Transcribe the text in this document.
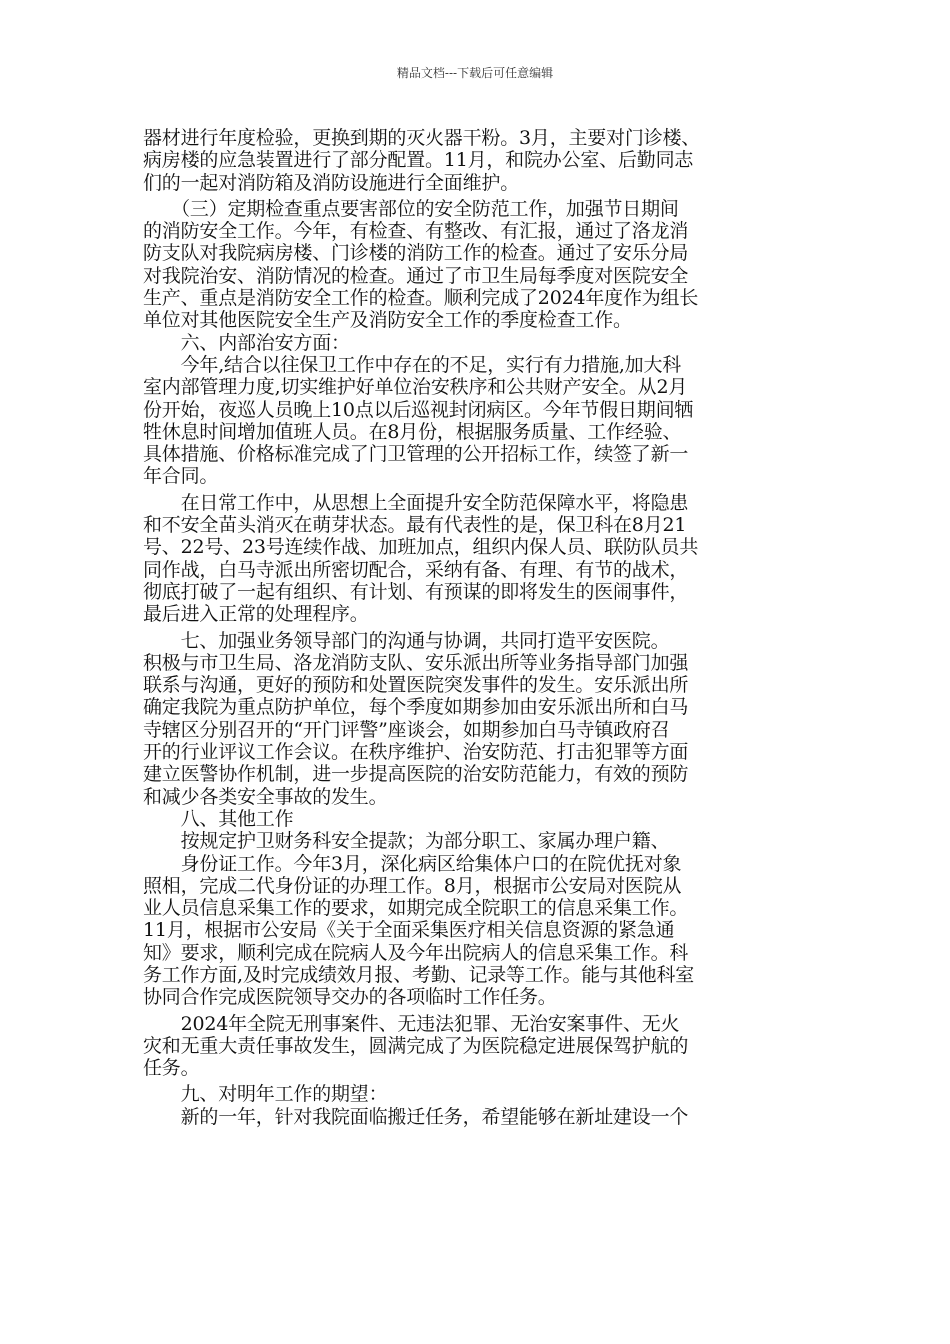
精品文档---下载后可任意编辑
器材进行年度检验，更换到期的灭火器干粉。3月，主要对门诊楼、
病房楼的应急装置进行了部分配置。11月，和院办公室、后勤同志
们的一起对消防箱及消防设施进行全面维护。
　　（三）定期检查重点要害部位的安全防范工作，加强节日期间
的消防安全工作。今年，有检查、有整改、有汇报，通过了洛龙消
防支队对我院病房楼、门诊楼的消防工作的检查。通过了安乐分局
对我院治安、消防情况的检查。通过了市卫生局每季度对医院安全
生产、重点是消防安全工作的检查。顺利完成了2024年度作为组长
单位对其他医院安全生产及消防安全工作的季度检查工作。
　　六、内部治安方面：
　　今年,结合以往保卫工作中存在的不足，实行有力措施,加大科
室内部管理力度,切实维护好单位治安秩序和公共财产安全。从2月
份开始，夜巡人员晚上10点以后巡视封闭病区。今年节假日期间牺
牲休息时间增加值班人员。在8月份，根据服务质量、工作经验、
具体措施、价格标准完成了门卫管理的公开招标工作，续签了新一
年合同。
　　在日常工作中，从思想上全面提升安全防范保障水平，将隐患
和不安全苗头消灭在萌芽状态。最有代表性的是，保卫科在8月21
号、22号、23号连续作战、加班加点，组织内保人员、联防队员共
同作战，白马寺派出所密切配合，采纳有备、有理、有节的战术，
彻底打破了一起有组织、有计划、有预谋的即将发生的医闹事件，
最后进入正常的处理程序。
　　七、加强业务领导部门的沟通与协调，共同打造平安医院。
积极与市卫生局、洛龙消防支队、安乐派出所等业务指导部门加强
联系与沟通，更好的预防和处置医院突发事件的发生。安乐派出所
确定我院为重点防护单位，每个季度如期参加由安乐派出所和白马
寺辖区分别召开的“开门评警”座谈会，如期参加白马寺镇政府召
开的行业评议工作会议。在秩序维护、治安防范、打击犯罪等方面
建立医警协作机制，进一步提高医院的治安防范能力，有效的预防
和减少各类安全事故的发生。
　　八、其他工作
　　按规定护卫财务科安全提款；为部分职工、家属办理户籍、
　　身份证工作。今年3月，深化病区给集体户口的在院优抚对象
照相，完成二代身份证的办理工作。8月，根据市公安局对医院从
业人员信息采集工作的要求，如期完成全院职工的信息采集工作。
11月，根据市公安局《关于全面采集医疗相关信息资源的紧急通
知》要求，顺利完成在院病人及今年出院病人的信息采集工作。科
务工作方面,及时完成绩效月报、考勤、记录等工作。能与其他科室
协同合作完成医院领导交办的各项临时工作任务。
　　2024年全院无刑事案件、无违法犯罪、无治安案事件、无火
灾和无重大责任事故发生，圆满完成了为医院稳定进展保驾护航的
任务。
　　九、对明年工作的期望：
　　新的一年，针对我院面临搬迁任务，希望能够在新址建设一个
